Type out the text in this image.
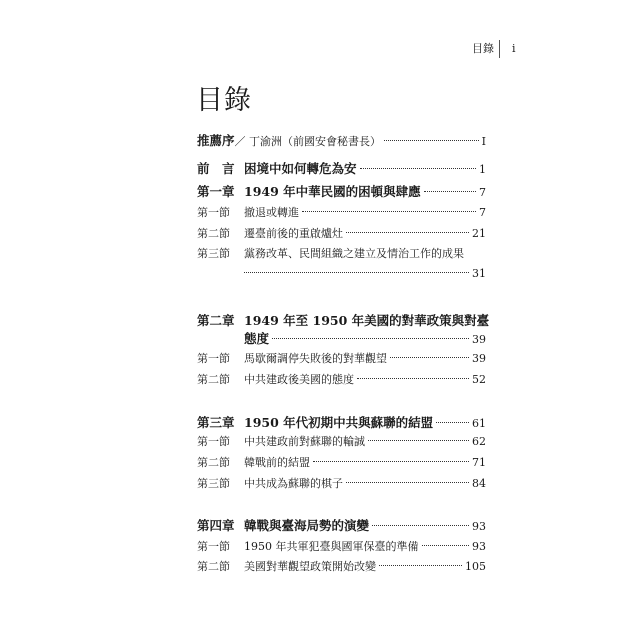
目錄 i
目錄
推薦序 ／ 丁渝洲（前國安會秘書長）	I
前　言 困境中如何轉危為安	1
第一章 1949 年中華民國的困頓與肆應	7
第一節	撤退或轉進	7
第二節	遷臺前後的重啟爐灶	21
第三節	黨務改革、民間組織之建立及情治工作的成果
31
第二章 1949 年至 1950 年美國的對華政策與對臺
態度	39
第一節	馬歇爾調停失敗後的對華觀望	39
第二節	中共建政後美國的態度	52
第三章 1950 年代初期中共與蘇聯的結盟	61
第一節	中共建政前對蘇聯的輸誠	62
第二節	韓戰前的結盟	71
第三節	中共成為蘇聯的棋子	84
第四章 韓戰與臺海局勢的演變	93
第一節	1950 年共軍犯臺與國軍保臺的準備	93
第二節	美國對華觀望政策開始改變	105
